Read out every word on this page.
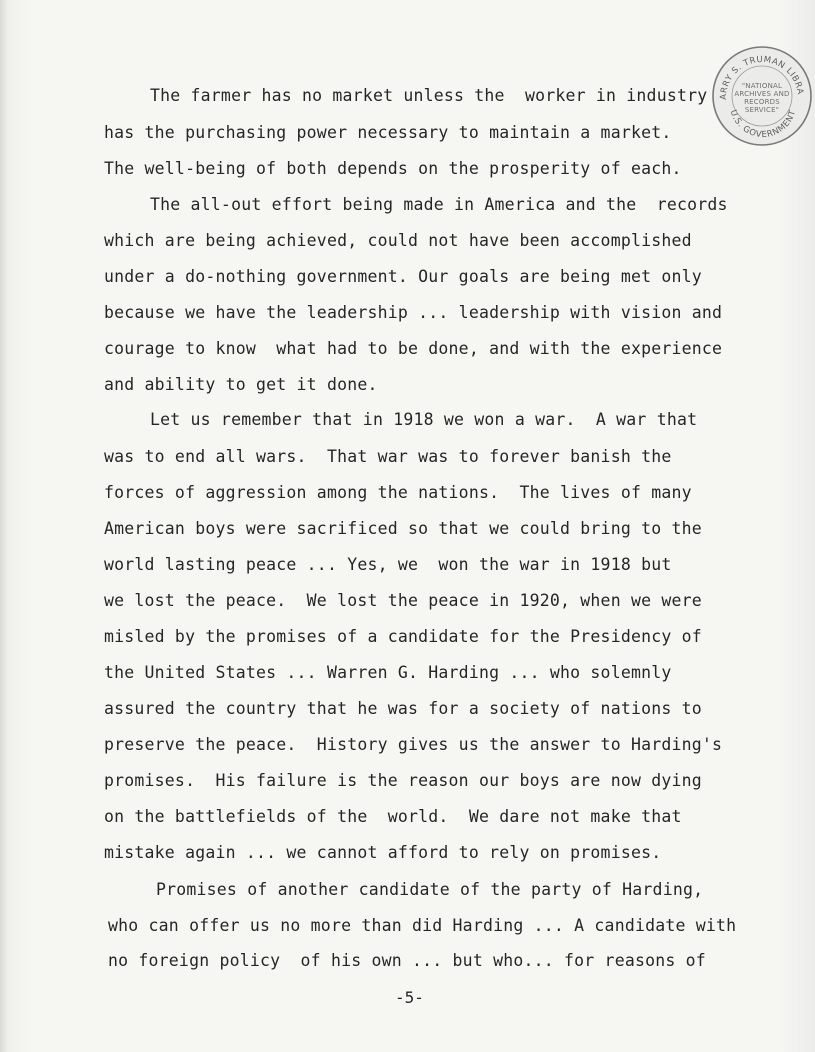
ARRY S. TRUMAN LIBRA
U.S. GOVERNMENT
"NATIONAL
ARCHIVES AND
RECORDS
SERVICE"
The farmer has no market unless the  worker in industry
has the purchasing power necessary to maintain a market.
The well-being of both depends on the prosperity of each.
The all-out effort being made in America and the  records
which are being achieved, could not have been accomplished
under a do-nothing government. Our goals are being met only
because we have the leadership ... leadership with vision and
courage to know  what had to be done, and with the experience
and ability to get it done.
Let us remember that in 1918 we won a war.  A war that
was to end all wars.  That war was to forever banish the
forces of aggression among the nations.  The lives of many
American boys were sacrificed so that we could bring to the
world lasting peace ... Yes, we  won the war in 1918 but
we lost the peace.  We lost the peace in 1920, when we were
misled by the promises of a candidate for the Presidency of
the United States ... Warren G. Harding ... who solemnly
assured the country that he was for a society of nations to
preserve the peace.  History gives us the answer to Harding's
promises.  His failure is the reason our boys are now dying
on the battlefields of the  world.  We dare not make that
mistake again ... we cannot afford to rely on promises.
Promises of another candidate of the party of Harding,
who can offer us no more than did Harding ... A candidate with
no foreign policy  of his own ... but who... for reasons of
-5-
